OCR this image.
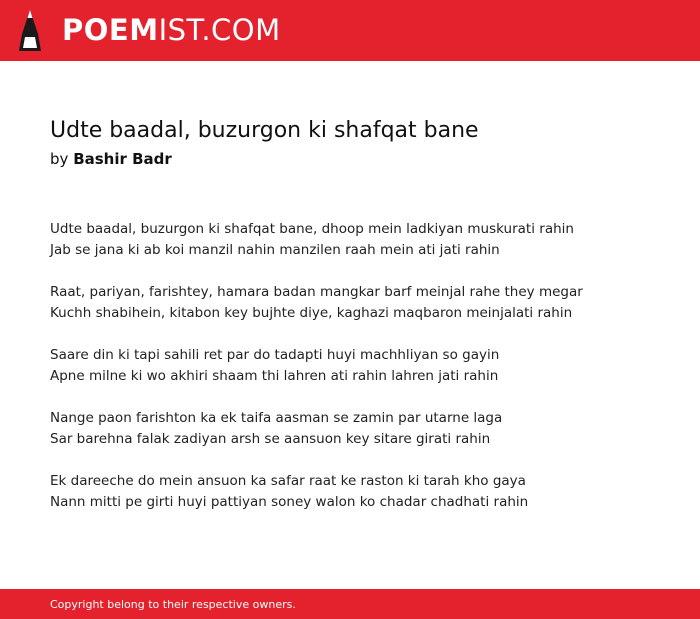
POEMIST.COM
Udte baadal, buzurgon ki shafqat bane
by Bashir Badr

Udte baadal, buzurgon ki shafqat bane, dhoop mein ladkiyan muskurati rahin
Jab se jana ki ab koi manzil nahin manzilen raah mein ati jati rahin

Raat, pariyan, farishtey, hamara badan mangkar barf meinjal rahe they megar
Kuchh shabihein, kitabon key bujhte diye, kaghazi maqbaron meinjalati rahin

Saare din ki tapi sahili ret par do tadapti huyi machhliyan so gayin
Apne milne ki wo akhiri shaam thi lahren ati rahin lahren jati rahin

Nange paon farishton ka ek taifa aasman se zamin par utarne laga
Sar barehna falak zadiyan arsh se aansuon key sitare girati rahin

Ek dareeche do mein ansuon ka safar raat ke raston ki tarah kho gaya
Nann mitti pe girti huyi pattiyan soney walon ko chadar chadhati rahin

Copyright belong to their respective owners.
